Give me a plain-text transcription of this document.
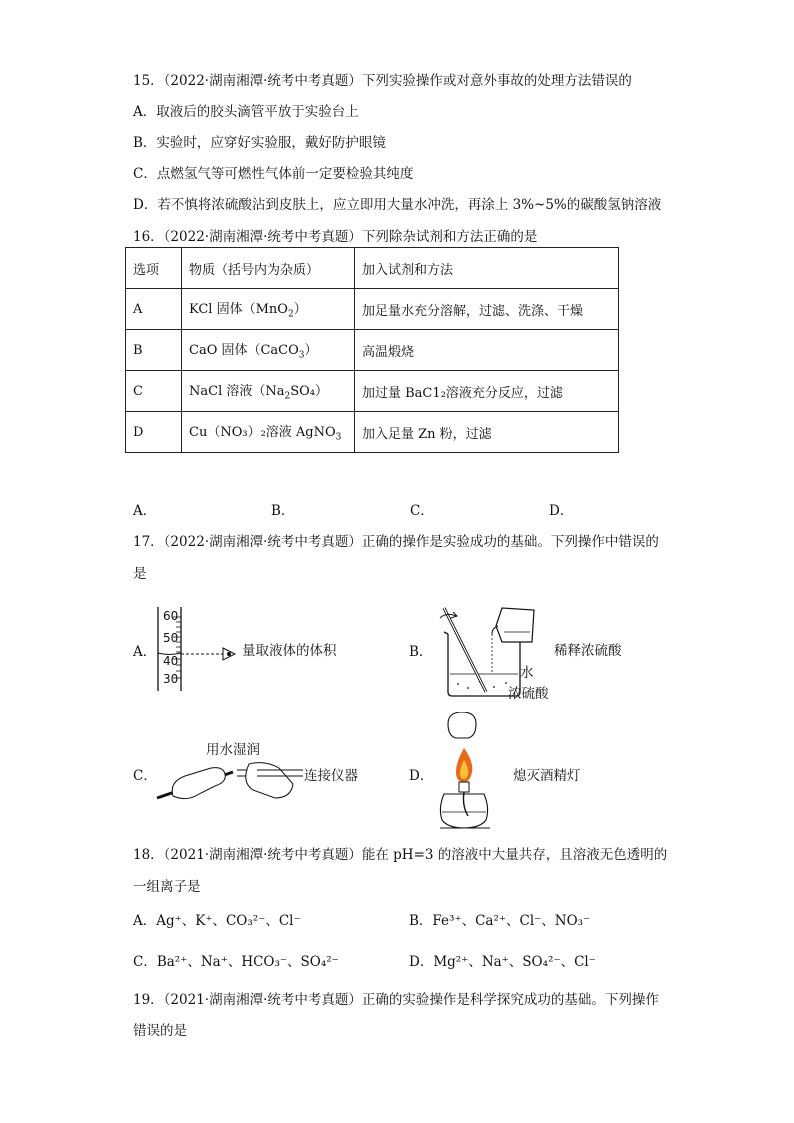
15．（2022·湖南湘潭·统考中考真题）下列实验操作或对意外事故的处理方法错误的
A．取液后的胶头滴管平放于实验台上
B．实验时，应穿好实验服，戴好防护眼镜
C．点燃氢气等可燃性气体前一定要检验其纯度
D．若不慎将浓硫酸沾到皮肤上，应立即用大量水冲洗，再涂上 3%~5%的碳酸氢钠溶液
16．（2022·湖南湘潭·统考中考真题）下列除杂试剂和方法正确的是
选项	物质（括号内为杂质）	加入试剂和方法
A	KCl 固体（MnO$_2$）	加足量水充分溶解，过滤、洗涤、干燥
B	CaO 固体（CaCO$_3$）	高温煅烧
C	NaCl 溶液$(Na_2SO_4)$	加过量 BaC1₂溶液充分反应，过滤
D	Cu（NO₃）₂溶液 AgNO$_3$	加入足量 Zn 粉，过滤
A．	B．	C．	D．
17．（2022·湖南湘潭·统考中考真题）正确的操作是实验成功的基础。下列操作中错误的
是
A．	B．
C．	D．
60
50
40
30
量取液体的体积	稀释浓硫酸
水
浓硫酸
用水湿润
连接仪器	熄灭酒精灯
18．（2021·湖南湘潭·统考中考真题）能在 pH=3 的溶液中大量共存，且溶液无色透明的
一组离子是
A．Ag⁺、K⁺、CO₃²⁻、Cl⁻	B．Fe³⁺、Ca²⁺、Cl⁻、NO₃⁻
C．Ba²⁺、Na⁺、HCO₃⁻、SO₄²⁻	D．Mg²⁺、Na⁺、SO₄²⁻、Cl⁻
19．（2021·湖南湘潭·统考中考真题）正确的实验操作是科学探究成功的基础。下列操作
错误的是
